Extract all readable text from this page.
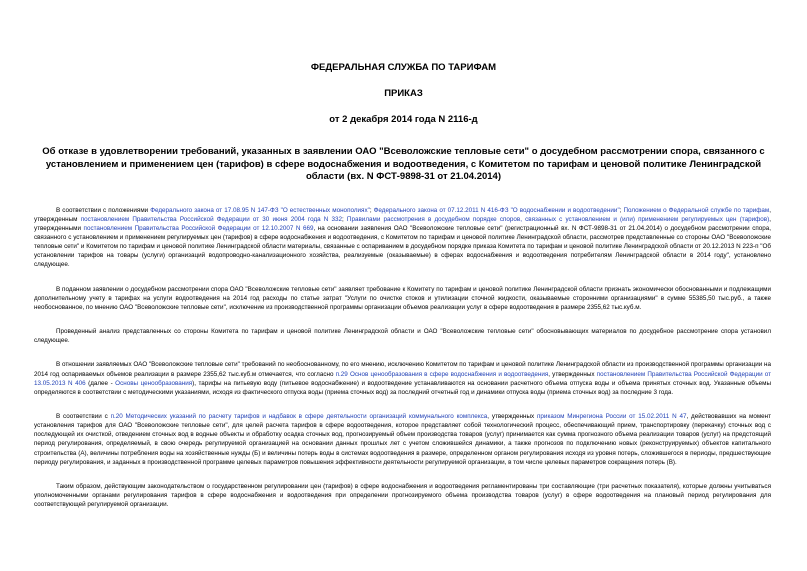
ФЕДЕРАЛЬНАЯ СЛУЖБА ПО ТАРИФАМ

ПРИКАЗ

от 2 декабря 2014 года N 2116-д

Об отказе в удовлетворении требований, указанных в заявлении ОАО "Всеволожские тепловые сети" о досудебном рассмотрении спора, связанного с установлением и применением цен (тарифов) в сфере водоснабжения и водоотведения, с Комитетом по тарифам и ценовой политике Ленинградской области (вх. N ФСТ-9898-31 от 21.04.2014)

В соответствии с положениями Федерального закона от 17.08.95 N 147-ФЗ "О естественных монополиях"; Федерального закона от 07.12.2011 N 416-ФЗ "О водоснабжении и водоотведении"; Положением о Федеральной службе по тарифам, утвержденным постановлением Правительства Российской Федерации от 30 июня 2004 года N 332; Правилами рассмотрения в досудебном порядке споров, связанных с установлением и (или) применением регулируемых цен (тарифов), утвержденными постановлением Правительства Российской Федерации от 12.10.2007 N 669, на основании заявления ОАО "Всеволожские тепловые сети" (регистрационный вх. N ФСТ-9898-31 от 21.04.2014) о досудебном рассмотрении спора, связанного с установлением и применением регулируемых цен (тарифов) в сфере водоснабжения и водоотведения, с Комитетом по тарифам и ценовой политике Ленинградской области, рассмотрев представленные со стороны ОАО "Всеволожские тепловые сети" и Комитетом по тарифам и ценовой политике Ленинградской области материалы, связанные с оспариванием в досудебном порядке приказа Комитета по тарифам и ценовой политике Ленинградской области от 20.12.2013 N 223-п "Об установлении тарифов на товары (услуги) организаций водопроводно-канализационного хозяйства, реализуемые (оказываемые) в сферах водоснабжения и водоотведения потребителям Ленинградской области в 2014 году", установлено следующее.

В поданном заявлении о досудебном рассмотрении спора ОАО "Всеволожские тепловые сети" заявляет требование к Комитету по тарифам и ценовой политике Ленинградской области признать экономически обоснованными и подлежащими дополнительному учету в тарифах на услуги водоотведения на 2014 год расходы по статье затрат "Услуги по очистке стоков и утилизации сточной жидкости, оказываемые сторонними организациями" в сумме 55385,50 тыс.руб., а также необоснованное, по мнению ОАО "Всеволожские тепловые сети", исключение из производственной программы организации объемов реализации услуг в сфере водоотведения в размере 2355,62 тыс.куб.м.

Проведенный анализ представленных со стороны Комитета по тарифам и ценовой политике Ленинградской области и ОАО "Всеволожские тепловые сети" обосновывающих материалов по досудебное рассмотрение спора установил следующее.

В отношении заявляемых ОАО "Всеволожские тепловые сети" требований по необоснованному, по его мнению, исключению Комитетом по тарифам и ценовой политике Ленинградской области из производственной программы организации на 2014 год оспариваемых объемов реализации в размере 2355,62 тыс.куб.м отмечается, что согласно п.29 Основ ценообразования в сфере водоснабжения и водоотведения, утвержденных постановлением Правительства Российской Федерации от 13.05.2013 N 406 (далее - Основы ценообразования), тарифы на питьевую воду (питьевое водоснабжение) и водоотведение устанавливаются на основании расчетного объема отпуска воды и объема принятых сточных вод. Указанные объемы определяются в соответствии с методическими указаниями, исходя из фактического отпуска воды (приема сточных вод) за последний отчетный год и динамики отпуска воды (приема сточных вод) за последние 3 года.

В соответствии с п.20 Методических указаний по расчету тарифов и надбавок в сфере деятельности организаций коммунального комплекса, утвержденных приказом Минрегиона России от 15.02.2011 N 47, действовавших на момент установления тарифов для ОАО "Всеволожские тепловые сети", для целей расчета тарифов в сфере водоотведения, которое представляет собой технологический процесс, обеспечивающий прием, транспортировку (перекачку) сточных вод с последующей их очисткой, отведением сточных вод в водные объекты и обработку осадка сточных вод, прогнозируемый объем производства товаров (услуг) принимается как сумма прогнозного объема реализации товаров (услуг) на предстоящий период регулирования, определяемый, в свою очередь регулируемой организацией на основании данных прошлых лет с учетом сложившейся динамики, а также прогнозов по подключению новых (реконструируемых) объектов капитального строительства (A), величины потребления воды на хозяйственные нужды (Б) и величины потерь воды в системах водоотведения в размере, определенном органом регулирования исходя из уровня потерь, сложившегося в периоды, предшествующие периоду регулирования, и заданных в производственной программе целевых параметров повышения эффективности деятельности регулируемой организации, в том числе целевых параметров сокращения потерь (B).

Таким образом, действующим законодательством о государственном регулировании цен (тарифов) в сфере водоснабжения и водоотведения регламентированы три составляющие (три расчетных показателя), которые должны учитываться уполномоченными органами регулирования тарифов в сфере водоснабжения и водоотведения при определении прогнозируемого объема производства товаров (услуг) в сфере водоотведения на плановый период регулирования для соответствующей регулируемой организации.
